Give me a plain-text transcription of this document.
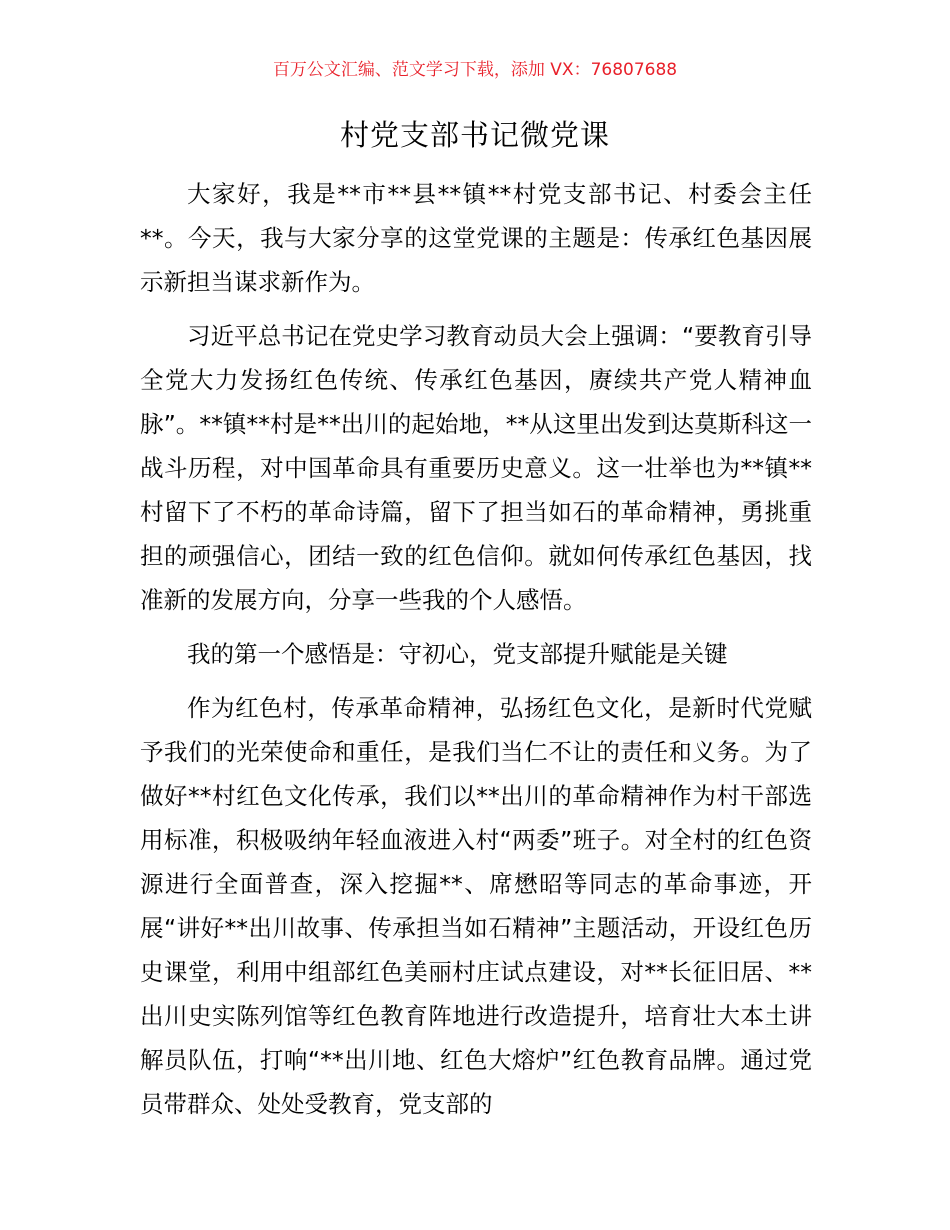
百万公文汇编、范文学习下载，添加 VX：76807688
村党支部书记微党课

大家好，我是**市**县**镇**村党支部书记、村委会主任**。今天，我与大家分享的这堂党课的主题是：传承红色基因展示新担当谋求新作为。

习近平总书记在党史学习教育动员大会上强调：“要教育引导全党大力发扬红色传统、传承红色基因，赓续共产党人精神血脉”。**镇**村是**出川的起始地，**从这里出发到达莫斯科这一战斗历程，对中国革命具有重要历史意义。这一壮举也为**镇**村留下了不朽的革命诗篇，留下了担当如石的革命精神，勇挑重担的顽强信心，团结一致的红色信仰。就如何传承红色基因，找准新的发展方向，分享一些我的个人感悟。

我的第一个感悟是：守初心，党支部提升赋能是关键

作为红色村，传承革命精神，弘扬红色文化，是新时代党赋予我们的光荣使命和重任，是我们当仁不让的责任和义务。为了做好**村红色文化传承，我们以**出川的革命精神作为村干部选用标准，积极吸纳年轻血液进入村“两委”班子。对全村的红色资源进行全面普查，深入挖掘**、席懋昭等同志的革命事迹，开展“讲好**出川故事、传承担当如石精神”主题活动，开设红色历史课堂，利用中组部红色美丽村庄试点建设，对**长征旧居、**出川史实陈列馆等红色教育阵地进行改造提升，培育壮大本土讲解员队伍，打响“**出川地、红色大熔炉”红色教育品牌。通过党员带群众、处处受教育，党支部的
